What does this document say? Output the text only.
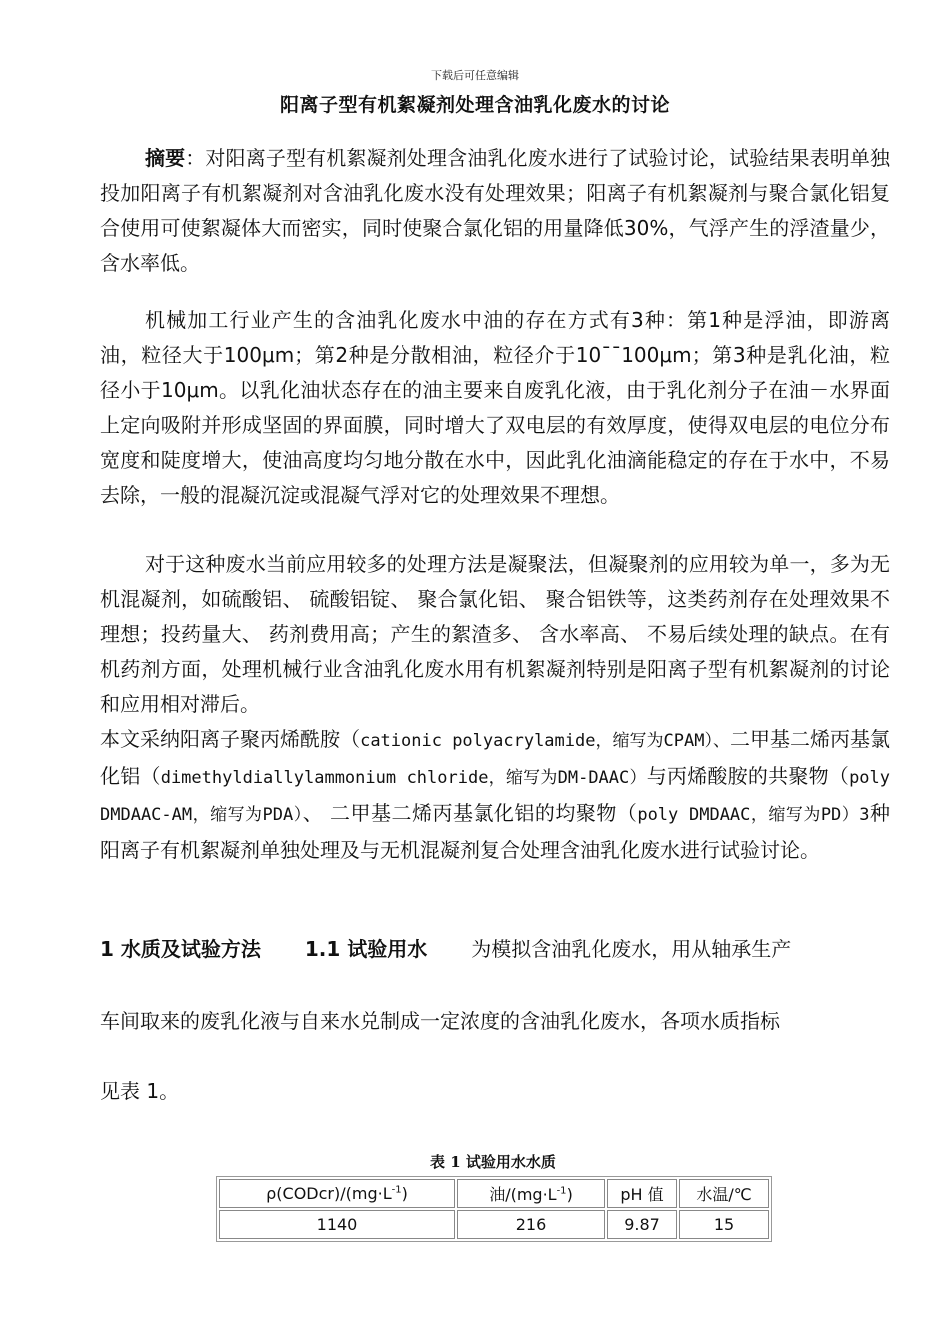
下载后可任意编辑
阳离子型有机絮凝剂处理含油乳化废水的讨论

摘要：对阳离子型有机絮凝剂处理含油乳化废水进行了试验讨论，试验结果表明单独投加阳离子有机絮凝剂对含油乳化废水没有处理效果；阳离子有机絮凝剂与聚合氯化铝复合使用可使絮凝体大而密实，同时使聚合氯化铝的用量降低30%，气浮产生的浮渣量少，含水率低。

机械加工行业产生的含油乳化废水中油的存在方式有3种：第1种是浮油，即游离油，粒径大于100μm；第2种是分散相油，粒径介于10¯¯100μm；第3种是乳化油，粒径小于10μm。以乳化油状态存在的油主要来自废乳化液，由于乳化剂分子在油－水界面上定向吸附并形成坚固的界面膜，同时增大了双电层的有效厚度，使得双电层的电位分布宽度和陡度增大，使油高度均匀地分散在水中，因此乳化油滴能稳定的存在于水中，不易去除，一般的混凝沉淀或混凝气浮对它的处理效果不理想。

对于这种废水当前应用较多的处理方法是凝聚法，但凝聚剂的应用较为单一，多为无机混凝剂，如硫酸铝、 硫酸铝锭、 聚合氯化铝、 聚合铝铁等，这类药剂存在处理效果不理想；投药量大、 药剂费用高；产生的絮渣多、 含水率高、 不易后续处理的缺点。在有机药剂方面，处理机械行业含油乳化废水用有机絮凝剂特别是阳离子型有机絮凝剂的讨论和应用相对滞后。

本文采纳阳离子聚丙烯酰胺（cationic polyacrylamide，缩写为CPAM）、二甲基二烯丙基氯化铝（dimethyldiallylammonium chloride，缩写为DM-DAAC）与丙烯酸胺的共聚物（poly DMDAAC-AM，缩写为PDA）、 二甲基二烯丙基氯化铝的均聚物（poly DMDAAC，缩写为PD）3种阳离子有机絮凝剂单独处理及与无机混凝剂复合处理含油乳化废水进行试验讨论。

1 水质及试验方法 1.1 试验用水 为模拟含油乳化废水，用从轴承生产
车间取来的废乳化液与自来水兑制成一定浓度的含油乳化废水，各项水质指标
见表 1。
表 1 试验用水水质
$\rho(CODcr)/(mg\cdot L^{-1})$	油$/(mg\cdot L^{-1})$	pH 值	水温/℃
1140	216	9.87	15
